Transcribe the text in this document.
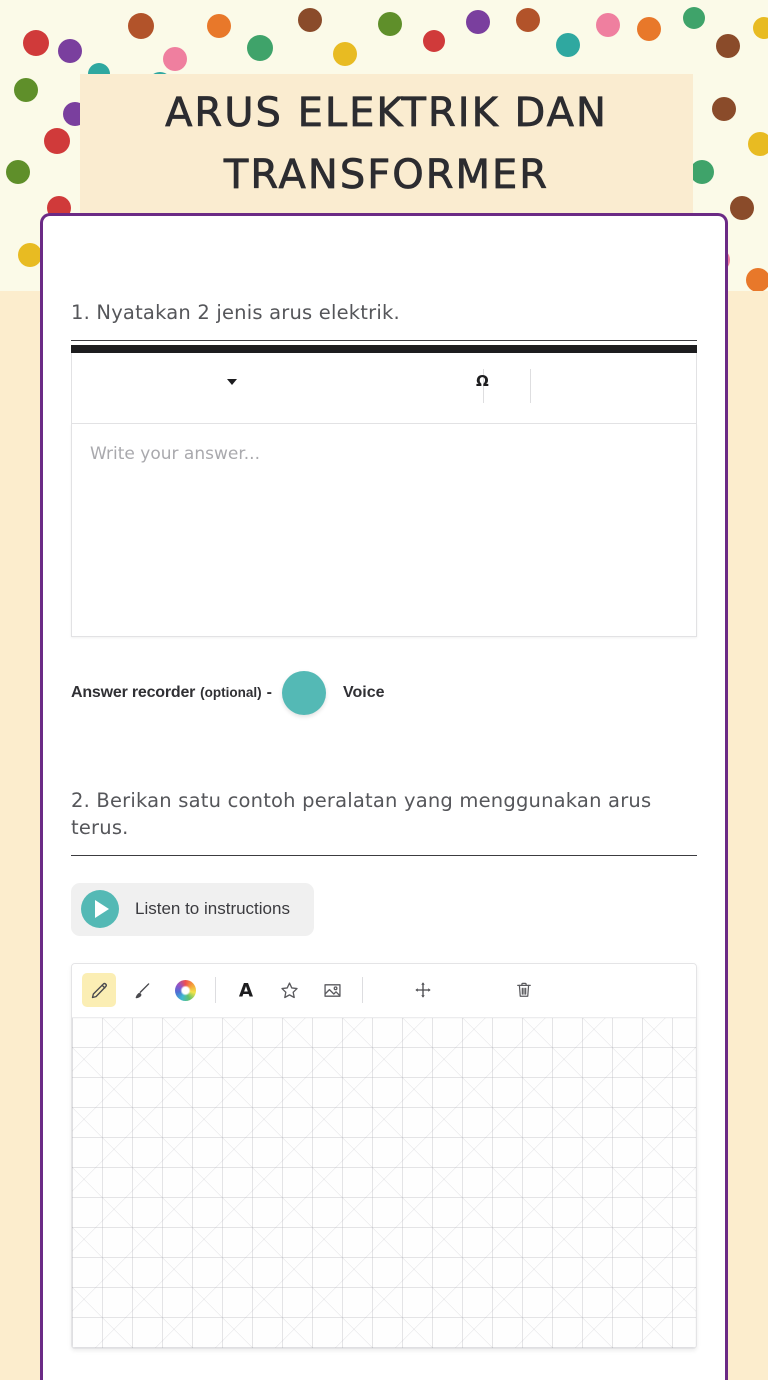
ARUS ELEKTRIK DAN TRANSFORMER
1. Nyatakan 2 jenis arus elektrik.
Ω
Write your answer...
Answer recorder (optional) -	Voice
2. Berikan satu contoh peralatan yang menggunakan arus terus.
Listen to instructions
A
